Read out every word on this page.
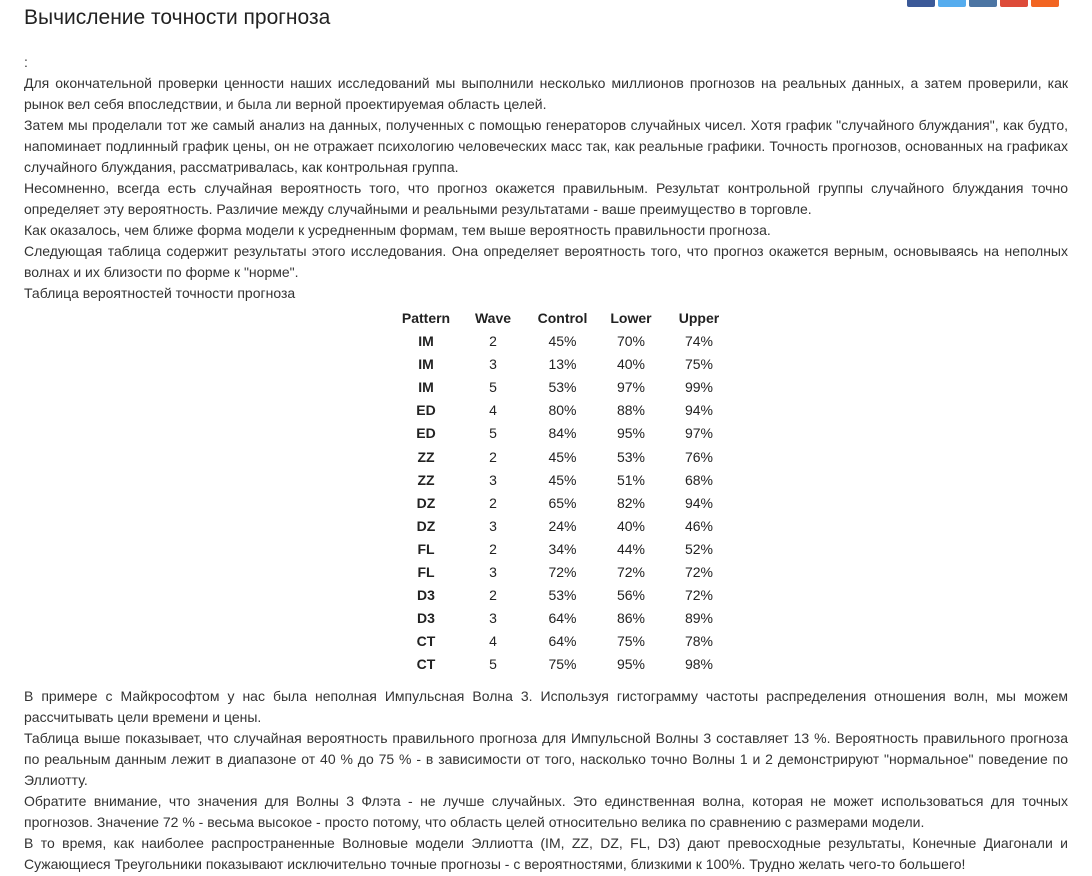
Вычисление точности прогноза

:

Для окончательной проверки ценности наших исследований мы выполнили несколько миллионов прогнозов на реальных данных, а затем проверили, как рынок вел себя впоследствии, и была ли верной проектируемая область целей.

Затем мы проделали тот же самый анализ на данных, полученных с помощью генераторов случайных чисел. Хотя график "случайного блуждания", как будто, напоминает подлинный график цены, он не отражает психологию человеческих масс так, как реальные графики. Точность прогнозов, основанных на графиках случайного блуждания, рассматривалась, как контрольная группа.

Несомненно, всегда есть случайная вероятность того, что прогноз окажется правильным. Результат контрольной группы случайного блуждания точно определяет эту вероятность. Различие между случайными и реальными результатами - ваше преимущество в торговле.

Как оказалось, чем ближе форма модели к усредненным формам, тем выше вероятность правильности прогноза.

Следующая таблица содержит результаты этого исследования. Она определяет вероятность того, что прогноз окажется верным, основываясь на неполных волнах и их близости по форме к "норме".

Таблица вероятностей точности прогноза

Pattern	Wave	Control	Lower	Upper
IM	2	45%	70%	74%
IM	3	13%	40%	75%
IM	5	53%	97%	99%
ED	4	80%	88%	94%
ED	5	84%	95%	97%
ZZ	2	45%	53%	76%
ZZ	3	45%	51%	68%
DZ	2	65%	82%	94%
DZ	3	24%	40%	46%
FL	2	34%	44%	52%
FL	3	72%	72%	72%
D3	2	53%	56%	72%
D3	3	64%	86%	89%
CT	4	64%	75%	78%
CT	5	75%	95%	98%

В примере с Майкрософтом у нас была неполная Импульсная Волна 3. Используя гистограмму частоты распределения отношения волн, мы можем рассчитывать цели времени и цены.

Таблица выше показывает, что случайная вероятность правильного прогноза для Импульсной Волны 3 составляет 13 %. Вероятность правильного прогноза по реальным данным лежит в диапазоне от 40 % до 75 % - в зависимости от того, насколько точно Волны 1 и 2 демонстрируют "нормальное" поведение по Эллиотту.

Обратите внимание, что значения для Волны 3 Флэта - не лучше случайных. Это единственная волна, которая не может использоваться для точных прогнозов. Значение 72 % - весьма высокое - просто потому, что область целей относительно велика по сравнению с размерами модели.

В то время, как наиболее распространенные Волновые модели Эллиотта (IM, ZZ, DZ, FL, D3) дают превосходные результаты, Конечные Диагонали и Сужающиеся Треугольники показывают исключительно точные прогнозы - с вероятностями, близкими к 100%. Трудно желать чего-то большего!
